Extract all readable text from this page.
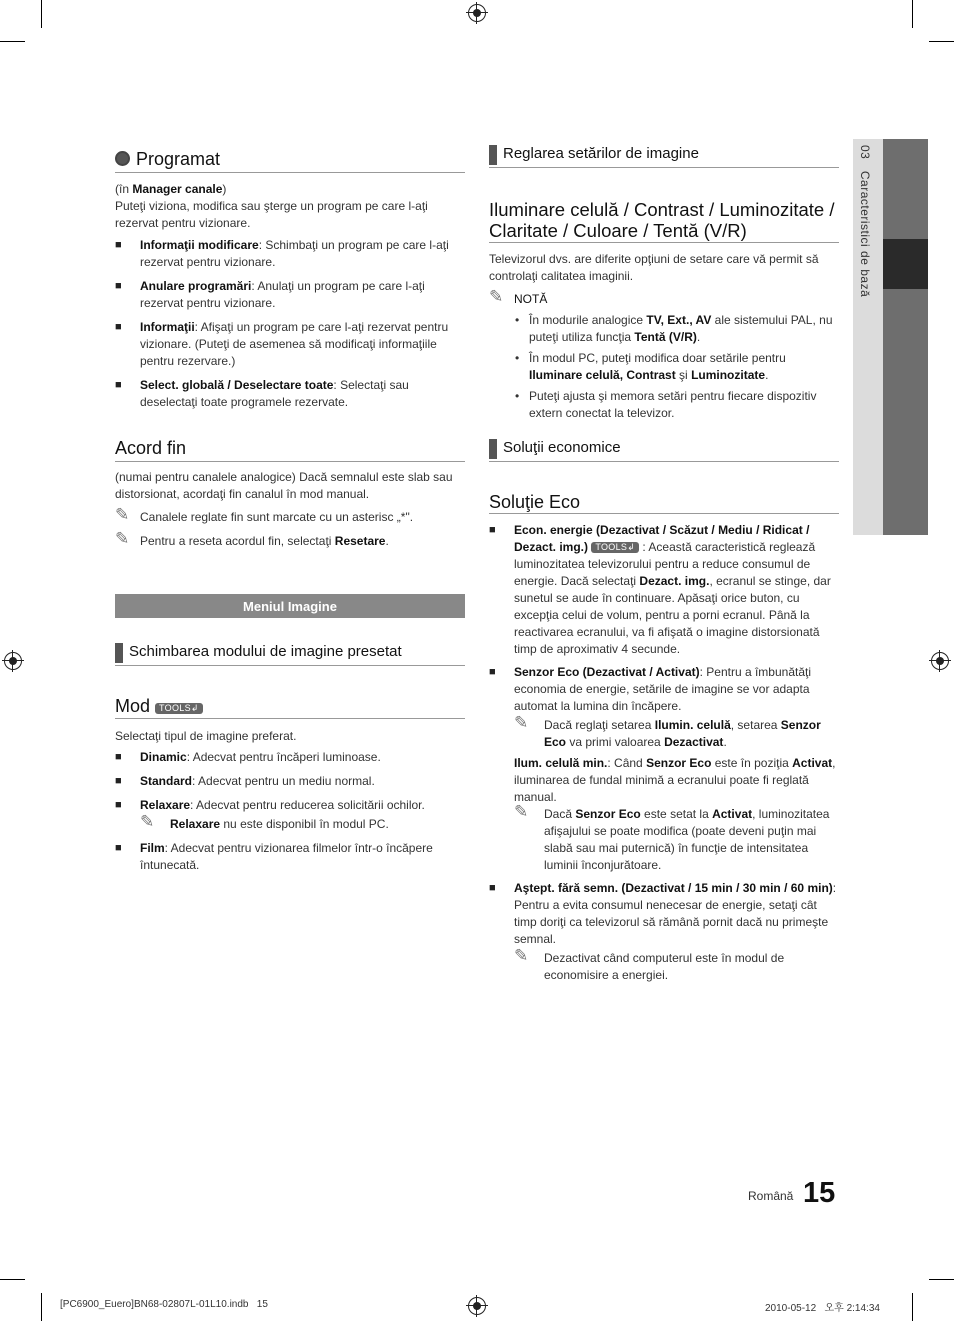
03   Caracteristici de bază
Programat

(în Manager canale)

Puteţi viziona, modifica sau şterge un program pe care l-aţi rezervat pentru vizionare.

■ Informaţii modificare: Schimbaţi un program pe care l-aţi rezervat pentru vizionare.
■ Anulare programări: Anulaţi un program pe care l-aţi rezervat pentru vizionare.
■ Informaţii: Afişaţi un program pe care l-aţi rezervat pentru vizionare. (Puteţi de asemenea să modificaţi informaţiile pentru rezervare.)
■ Select. globală / Deselectare toate: Selectaţi sau deselectaţi toate programele rezervate.
Acord fin

(numai pentru canalele analogice) Dacă semnalul este slab sau distorsionat, acordaţi fin canalul în mod manual.

✎ Canalele reglate fin sunt marcate cu un asterisc „*".
✎ Pentru a reseta acordul fin, selectaţi Resetare.
Meniul Imagine
Schimbarea modului de imagine presetat
Mod TOOLS↲

Selectaţi tipul de imagine preferat.

■ Dinamic: Adecvat pentru încăperi luminoase.
■ Standard: Adecvat pentru un mediu normal.
■ Relaxare: Adecvat pentru reducerea solicitării ochilor.
✎ Relaxare nu este disponibil în modul PC.
■ Film: Adecvat pentru vizionarea filmelor într-o încăpere întunecată.
Reglarea setărilor de imagine
Iluminare celulă / Contrast / Luminozitate / Claritate / Culoare / Tentă (V/R)

Televizorul dvs. are diferite opţiuni de setare care vă permit să controlaţi calitatea imaginii.

✎ NOTĂ
• În modurile analogice TV, Ext., AV ale sistemului PAL, nu puteţi utiliza funcţia Tentă (V/R).
• În modul PC, puteţi modifica doar setările pentru Iluminare celulă, Contrast şi Luminozitate.
• Puteţi ajusta şi memora setări pentru fiecare dispozitiv extern conectat la televizor.
Soluţii economice
Soluţie Eco
■ Econ. energie (Dezactivat / Scăzut / Mediu / Ridicat / Dezact. img.) TOOLS↲ : Această caracteristică reglează luminozitatea televizorului pentru a reduce consumul de energie. Dacă selectaţi Dezact. img., ecranul se stinge, dar sunetul se aude în continuare. Apăsaţi orice buton, cu excepţia celui de volum, pentru a porni ecranul. Până la reactivarea ecranului, va fi afişată o imagine distorsionată timp de aproximativ 4 secunde.
■ Senzor Eco (Dezactivat / Activat): Pentru a îmbunătăţi economia de energie, setările de imagine se vor adapta automat la lumina din încăpere.
✎ Dacă reglaţi setarea Ilumin. celulă, setarea Senzor Eco va primi valoarea Dezactivat.

Ilum. celulă min.: Când Senzor Eco este în poziţia Activat, iluminarea de fundal minimă a ecranului poate fi reglată manual.

✎ Dacă Senzor Eco este setat la Activat, luminozitatea afişajului se poate modifica (poate deveni puţin mai slabă sau mai puternică) în funcţie de intensitatea luminii înconjurătoare.
■ Aştept. fără semn. (Dezactivat / 15 min / 30 min / 60 min): Pentru a evita consumul nenecesar de energie, setaţi cât timp doriţi ca televizorul să rămână pornit dacă nu primeşte semnal.
✎ Dezactivat când computerul este în modul de economisire a energiei.
Română 15
[PC6900_Euero]BN68-02807L-01L10.indb   15	2010-05-12   오후 2:14:34
